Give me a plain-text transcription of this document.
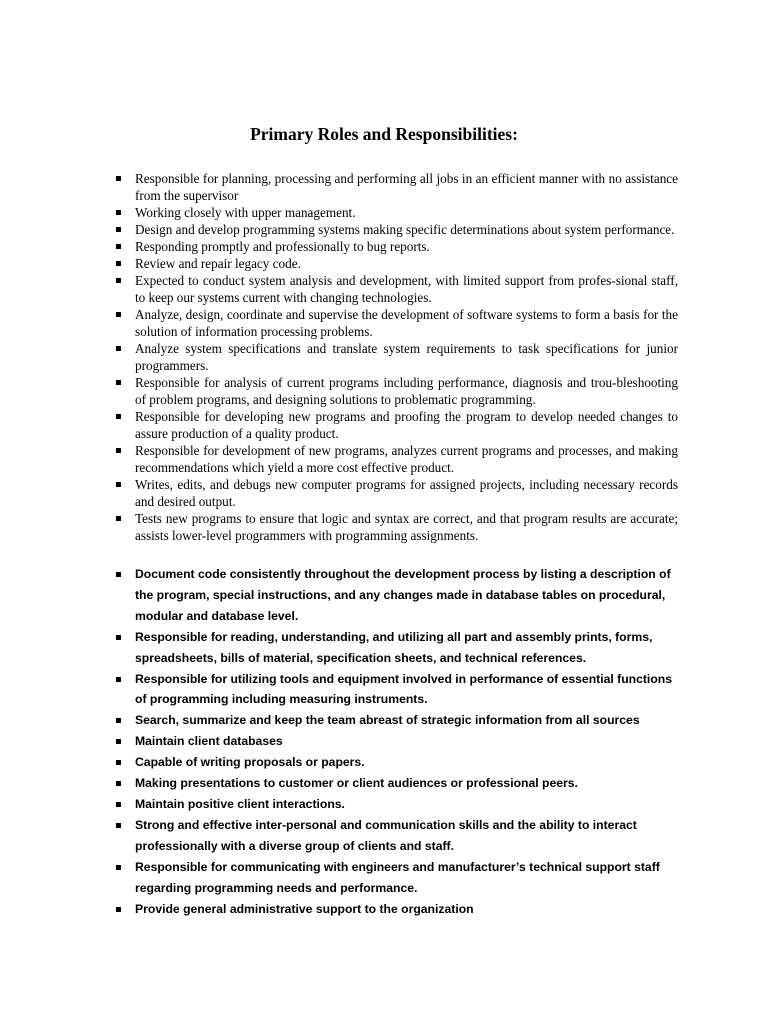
Primary Roles and Responsibilities:
Responsible for planning, processing and performing all jobs in an efficient manner with no assistance from the supervisor
Working closely with upper management.
Design and develop programming systems making specific determinations about system performance.
Responding promptly and professionally to bug reports.
Review and repair legacy code.
Expected to conduct system analysis and development, with limited support from profes-sional staff, to keep our systems current with changing technologies.
Analyze, design, coordinate and supervise the development of software systems to form a basis for the solution of information processing problems.
Analyze system specifications and translate system requirements to task specifications for junior programmers.
Responsible for analysis of current programs including performance, diagnosis and trou-bleshooting of problem programs, and designing solutions to problematic programming.
Responsible for developing new programs and proofing the program to develop needed changes to assure production of a quality product.
Responsible for development of new programs, analyzes current programs and processes, and making recommendations which yield a more cost effective product.
Writes, edits, and debugs new computer programs for assigned projects, including necessary records and desired output.
Tests new programs to ensure that logic and syntax are correct, and that program results are accurate; assists lower-level programmers with programming assignments.
Document code consistently throughout the development process by listing a description of the program, special instructions, and any changes made in database tables on procedural, modular and database level.
Responsible for reading, understanding, and utilizing all part and assembly prints, forms, spreadsheets, bills of material, specification sheets, and technical references.
Responsible for utilizing tools and equipment involved in performance of essential functions of programming including measuring instruments.
Search, summarize and keep the team abreast of strategic information from all sources
Maintain client databases
Capable of writing proposals or papers.
Making presentations to customer or client audiences or professional peers.
Maintain positive client interactions.
Strong and effective inter-personal and communication skills and the ability to interact professionally with a diverse group of clients and staff.
Responsible for communicating with engineers and manufacturer’s technical support staff regarding programming needs and performance.
Provide general administrative support to the organization
